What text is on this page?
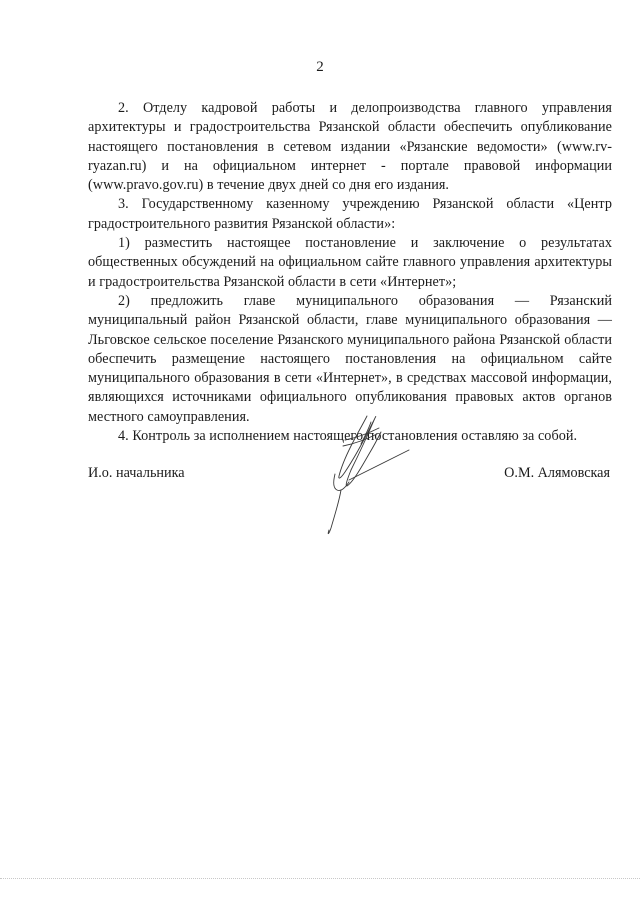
2

2. Отделу кадровой работы и делопроизводства главного управления архитектуры и градостроительства Рязанской области обеспечить опубликование настоящего постановления в сетевом издании «Рязанские ведомости» (www.rv-ryazan.ru) и на официальном интернет - портале правовой информации (www.pravo.gov.ru) в течение двух дней со дня его издания.

3. Государственному казенному учреждению Рязанской области «Центр градостроительного развития Рязанской области»:

1) разместить настоящее постановление и заключение о результатах общественных обсуждений на официальном сайте главного управления архитектуры и градостроительства Рязанской области в сети «Интернет»;

2) предложить главе муниципального образования — Рязанский муниципальный район Рязанской области, главе муниципального образования — Льговское сельское поселение Рязанского муниципального района Рязанской области обеспечить размещение настоящего постановления на официальном сайте муниципального образования в сети «Интернет», в средствах массовой информации, являющихся источниками официального опубликования правовых актов органов местного самоуправления.

4. Контроль за исполнением настоящего постановления оставляю за собой.

И.о. начальника	О.М. Алямовская
